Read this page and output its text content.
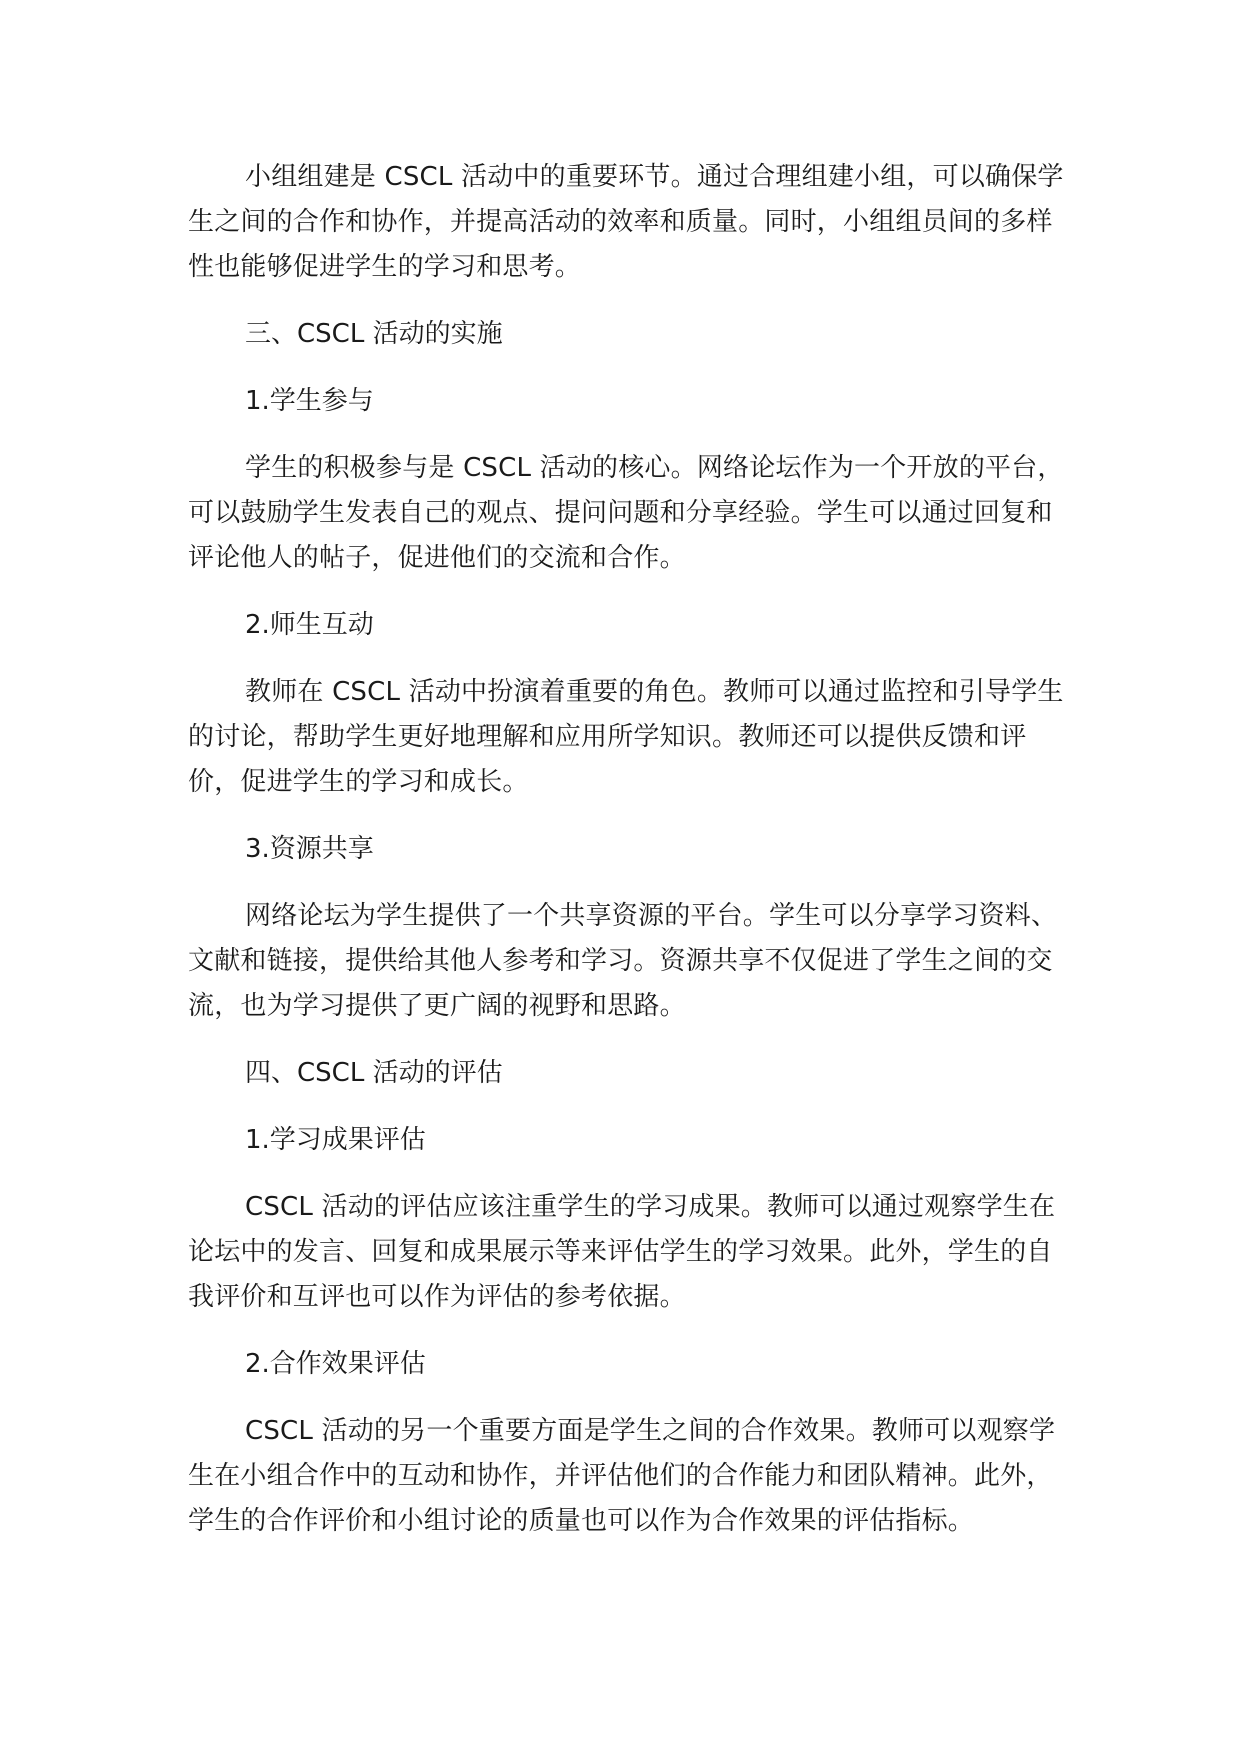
小组组建是 CSCL 活动中的重要环节。通过合理组建小组，可以确保学生之间的合作和协作，并提高活动的效率和质量。同时，小组组员间的多样性也能够促进学生的学习和思考。

三、CSCL 活动的实施

1.学生参与

学生的积极参与是 CSCL 活动的核心。网络论坛作为一个开放的平台，可以鼓励学生发表自己的观点、提问问题和分享经验。学生可以通过回复和评论他人的帖子，促进他们的交流和合作。

2.师生互动

教师在 CSCL 活动中扮演着重要的角色。教师可以通过监控和引导学生的讨论，帮助学生更好地理解和应用所学知识。教师还可以提供反馈和评价，促进学生的学习和成长。

3.资源共享

网络论坛为学生提供了一个共享资源的平台。学生可以分享学习资料、文献和链接，提供给其他人参考和学习。资源共享不仅促进了学生之间的交流，也为学习提供了更广阔的视野和思路。

四、CSCL 活动的评估

1.学习成果评估

CSCL 活动的评估应该注重学生的学习成果。教师可以通过观察学生在论坛中的发言、回复和成果展示等来评估学生的学习效果。此外，学生的自我评价和互评也可以作为评估的参考依据。

2.合作效果评估

CSCL 活动的另一个重要方面是学生之间的合作效果。教师可以观察学生在小组合作中的互动和协作，并评估他们的合作能力和团队精神。此外，学生的合作评价和小组讨论的质量也可以作为合作效果的评估指标。
